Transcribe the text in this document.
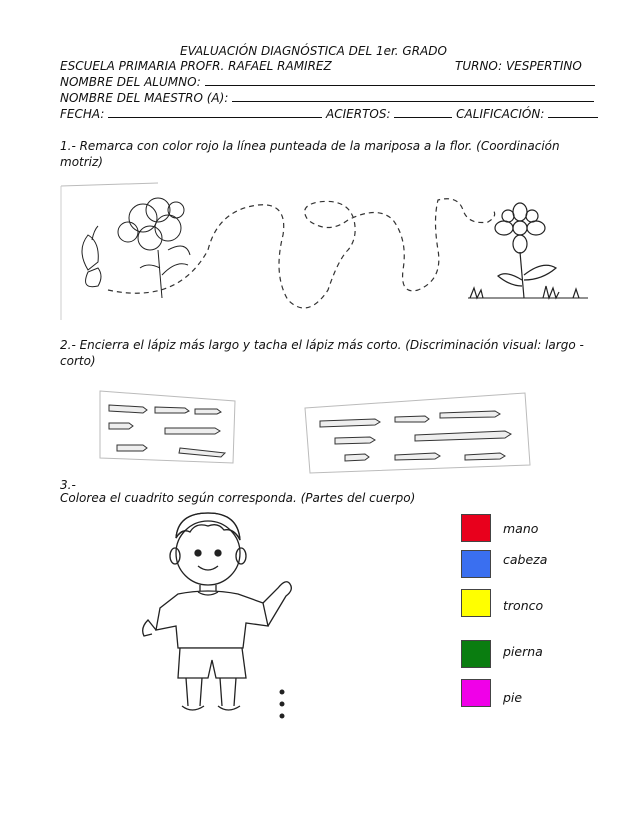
EVALUACIÓN DIAGNÓSTICA DEL 1er. GRADO
ESCUELA PRIMARIA PROFR. RAFAEL RAMIREZ	TURNO: VESPERTINO
NOMBRE DEL ALUMNO:
NOMBRE DEL MAESTRO (A):
FECHA:	ACIERTOS:	CALIFICACIÓN:
1.- Remarca con color rojo la línea punteada de la mariposa a la flor. (Coordinación motriz)
2.- Encierra el lápiz más largo y tacha el lápiz más corto. (Discriminación visual: largo - corto)
3.-
Colorea el cuadrito según corresponda. (Partes del cuerpo)
mano
cabeza
tronco
pierna
pie
